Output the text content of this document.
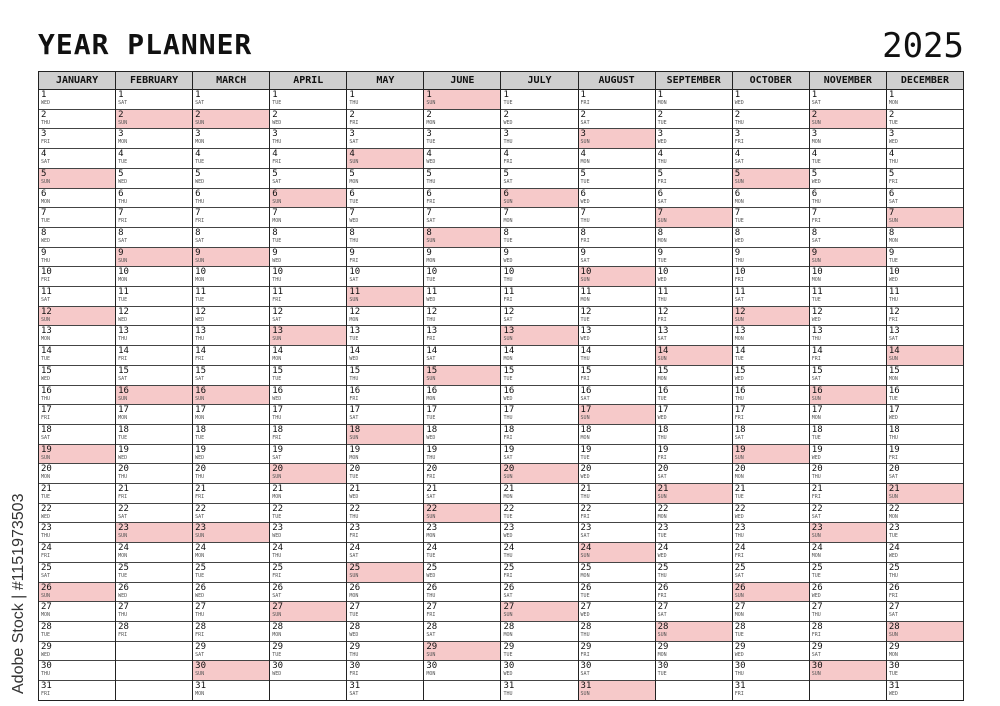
YEAR PLANNER	2025
Adobe Stock | #1151973503
JANUARY
1
WED
2
THU
3
FRI
4
SAT
5
SUN
6
MON
7
TUE
8
WED
9
THU
10
FRI
11
SAT
12
SUN
13
MON
14
TUE
15
WED
16
THU
17
FRI
18
SAT
19
SUN
20
MON
21
TUE
22
WED
23
THU
24
FRI
25
SAT
26
SUN
27
MON
28
TUE
29
WED
30
THU
31
FRI
FEBRUARY
1
SAT
2
SUN
3
MON
4
TUE
5
WED
6
THU
7
FRI
8
SAT
9
SUN
10
MON
11
TUE
12
WED
13
THU
14
FRI
15
SAT
16
SUN
17
MON
18
TUE
19
WED
20
THU
21
FRI
22
SAT
23
SUN
24
MON
25
TUE
26
WED
27
THU
28
FRI
MARCH
1
SAT
2
SUN
3
MON
4
TUE
5
WED
6
THU
7
FRI
8
SAT
9
SUN
10
MON
11
TUE
12
WED
13
THU
14
FRI
15
SAT
16
SUN
17
MON
18
TUE
19
WED
20
THU
21
FRI
22
SAT
23
SUN
24
MON
25
TUE
26
WED
27
THU
28
FRI
29
SAT
30
SUN
31
MON
APRIL
1
TUE
2
WED
3
THU
4
FRI
5
SAT
6
SUN
7
MON
8
TUE
9
WED
10
THU
11
FRI
12
SAT
13
SUN
14
MON
15
TUE
16
WED
17
THU
18
FRI
19
SAT
20
SUN
21
MON
22
TUE
23
WED
24
THU
25
FRI
26
SAT
27
SUN
28
MON
29
TUE
30
WED
MAY
1
THU
2
FRI
3
SAT
4
SUN
5
MON
6
TUE
7
WED
8
THU
9
FRI
10
SAT
11
SUN
12
MON
13
TUE
14
WED
15
THU
16
FRI
17
SAT
18
SUN
19
MON
20
TUE
21
WED
22
THU
23
FRI
24
SAT
25
SUN
26
MON
27
TUE
28
WED
29
THU
30
FRI
31
SAT
JUNE
1
SUN
2
MON
3
TUE
4
WED
5
THU
6
FRI
7
SAT
8
SUN
9
MON
10
TUE
11
WED
12
THU
13
FRI
14
SAT
15
SUN
16
MON
17
TUE
18
WED
19
THU
20
FRI
21
SAT
22
SUN
23
MON
24
TUE
25
WED
26
THU
27
FRI
28
SAT
29
SUN
30
MON
JULY
1
TUE
2
WED
3
THU
4
FRI
5
SAT
6
SUN
7
MON
8
TUE
9
WED
10
THU
11
FRI
12
SAT
13
SUN
14
MON
15
TUE
16
WED
17
THU
18
FRI
19
SAT
20
SUN
21
MON
22
TUE
23
WED
24
THU
25
FRI
26
SAT
27
SUN
28
MON
29
TUE
30
WED
31
THU
AUGUST
1
FRI
2
SAT
3
SUN
4
MON
5
TUE
6
WED
7
THU
8
FRI
9
SAT
10
SUN
11
MON
12
TUE
13
WED
14
THU
15
FRI
16
SAT
17
SUN
18
MON
19
TUE
20
WED
21
THU
22
FRI
23
SAT
24
SUN
25
MON
26
TUE
27
WED
28
THU
29
FRI
30
SAT
31
SUN
SEPTEMBER
1
MON
2
TUE
3
WED
4
THU
5
FRI
6
SAT
7
SUN
8
MON
9
TUE
10
WED
11
THU
12
FRI
13
SAT
14
SUN
15
MON
16
TUE
17
WED
18
THU
19
FRI
20
SAT
21
SUN
22
MON
23
TUE
24
WED
25
THU
26
FRI
27
SAT
28
SUN
29
MON
30
TUE
OCTOBER
1
WED
2
THU
3
FRI
4
SAT
5
SUN
6
MON
7
TUE
8
WED
9
THU
10
FRI
11
SAT
12
SUN
13
MON
14
TUE
15
WED
16
THU
17
FRI
18
SAT
19
SUN
20
MON
21
TUE
22
WED
23
THU
24
FRI
25
SAT
26
SUN
27
MON
28
TUE
29
WED
30
THU
31
FRI
NOVEMBER
1
SAT
2
SUN
3
MON
4
TUE
5
WED
6
THU
7
FRI
8
SAT
9
SUN
10
MON
11
TUE
12
WED
13
THU
14
FRI
15
SAT
16
SUN
17
MON
18
TUE
19
WED
20
THU
21
FRI
22
SAT
23
SUN
24
MON
25
TUE
26
WED
27
THU
28
FRI
29
SAT
30
SUN
DECEMBER
1
MON
2
TUE
3
WED
4
THU
5
FRI
6
SAT
7
SUN
8
MON
9
TUE
10
WED
11
THU
12
FRI
13
SAT
14
SUN
15
MON
16
TUE
17
WED
18
THU
19
FRI
20
SAT
21
SUN
22
MON
23
TUE
24
WED
25
THU
26
FRI
27
SAT
28
SUN
29
MON
30
TUE
31
WED
